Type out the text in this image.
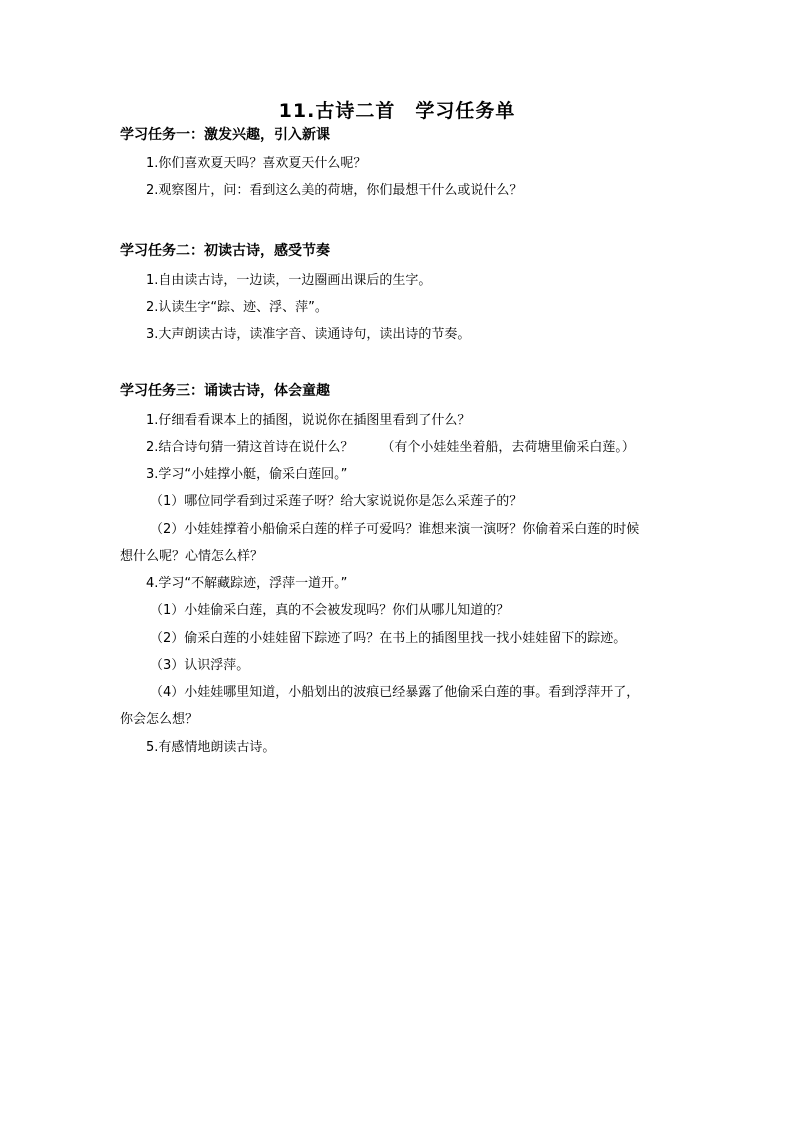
11.古诗二首　学习任务单
学习任务一：激发兴趣，引入新课
1.你们喜欢夏天吗？喜欢夏天什么呢？
2.观察图片，问：看到这么美的荷塘，你们最想干什么或说什么？
学习任务二：初读古诗，感受节奏
1.自由读古诗，一边读，一边圈画出课后的生字。
2.认读生字“踪、迹、浮、萍”。
3.大声朗读古诗，读准字音、读通诗句，读出诗的节奏。
学习任务三：诵读古诗，体会童趣
1.仔细看看课本上的插图，说说你在插图里看到了什么？
2.结合诗句猜一猜这首诗在说什么？ （有个小娃娃坐着船，去荷塘里偷采白莲。）
3.学习“小娃撑小艇，偷采白莲回。”
（1）哪位同学看到过采莲子呀？给大家说说你是怎么采莲子的？
（2）小娃娃撑着小船偷采白莲的样子可爱吗？谁想来演一演呀？你偷着采白莲的时候
想什么呢？心情怎么样？
4.学习“不解藏踪迹，浮萍一道开。”
（1）小娃偷采白莲，真的不会被发现吗？你们从哪儿知道的？
（2）偷采白莲的小娃娃留下踪迹了吗？在书上的插图里找一找小娃娃留下的踪迹。
（3）认识浮萍。
（4）小娃娃哪里知道，小船划出的波痕已经暴露了他偷采白莲的事。看到浮萍开了，
你会怎么想？
5.有感情地朗读古诗。
